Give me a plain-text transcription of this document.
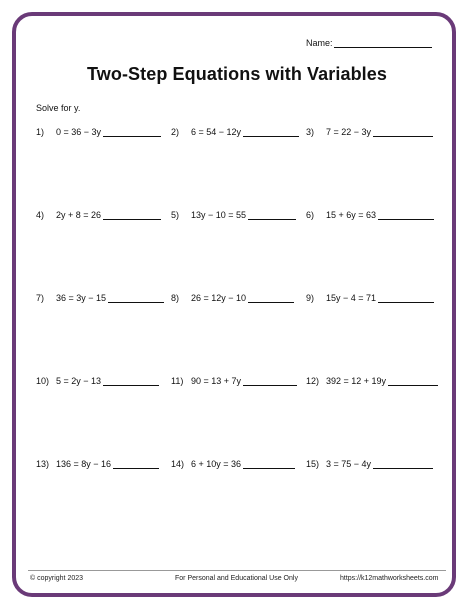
Name:
Two-Step Equations with Variables
Solve for y.
1)	0 = 36 − 3y	2)	6 = 54 − 12y	3)	7 = 22 − 3y
4)	2y + 8 = 26	5)	13y − 10 = 55	6)	15 + 6y = 63
7)	36 = 3y − 15	8)	26 = 12y − 10	9)	15y − 4 = 71
10) 5 = 2y − 13	11) 90 = 13 + 7y	12) 392 = 12 + 19y
13) 136 = 8y − 16	14) 6 + 10y = 36	15) 3 = 75 − 4y
© copyright 2023	For Personal and Educational Use Only	https://k12mathworksheets.com
